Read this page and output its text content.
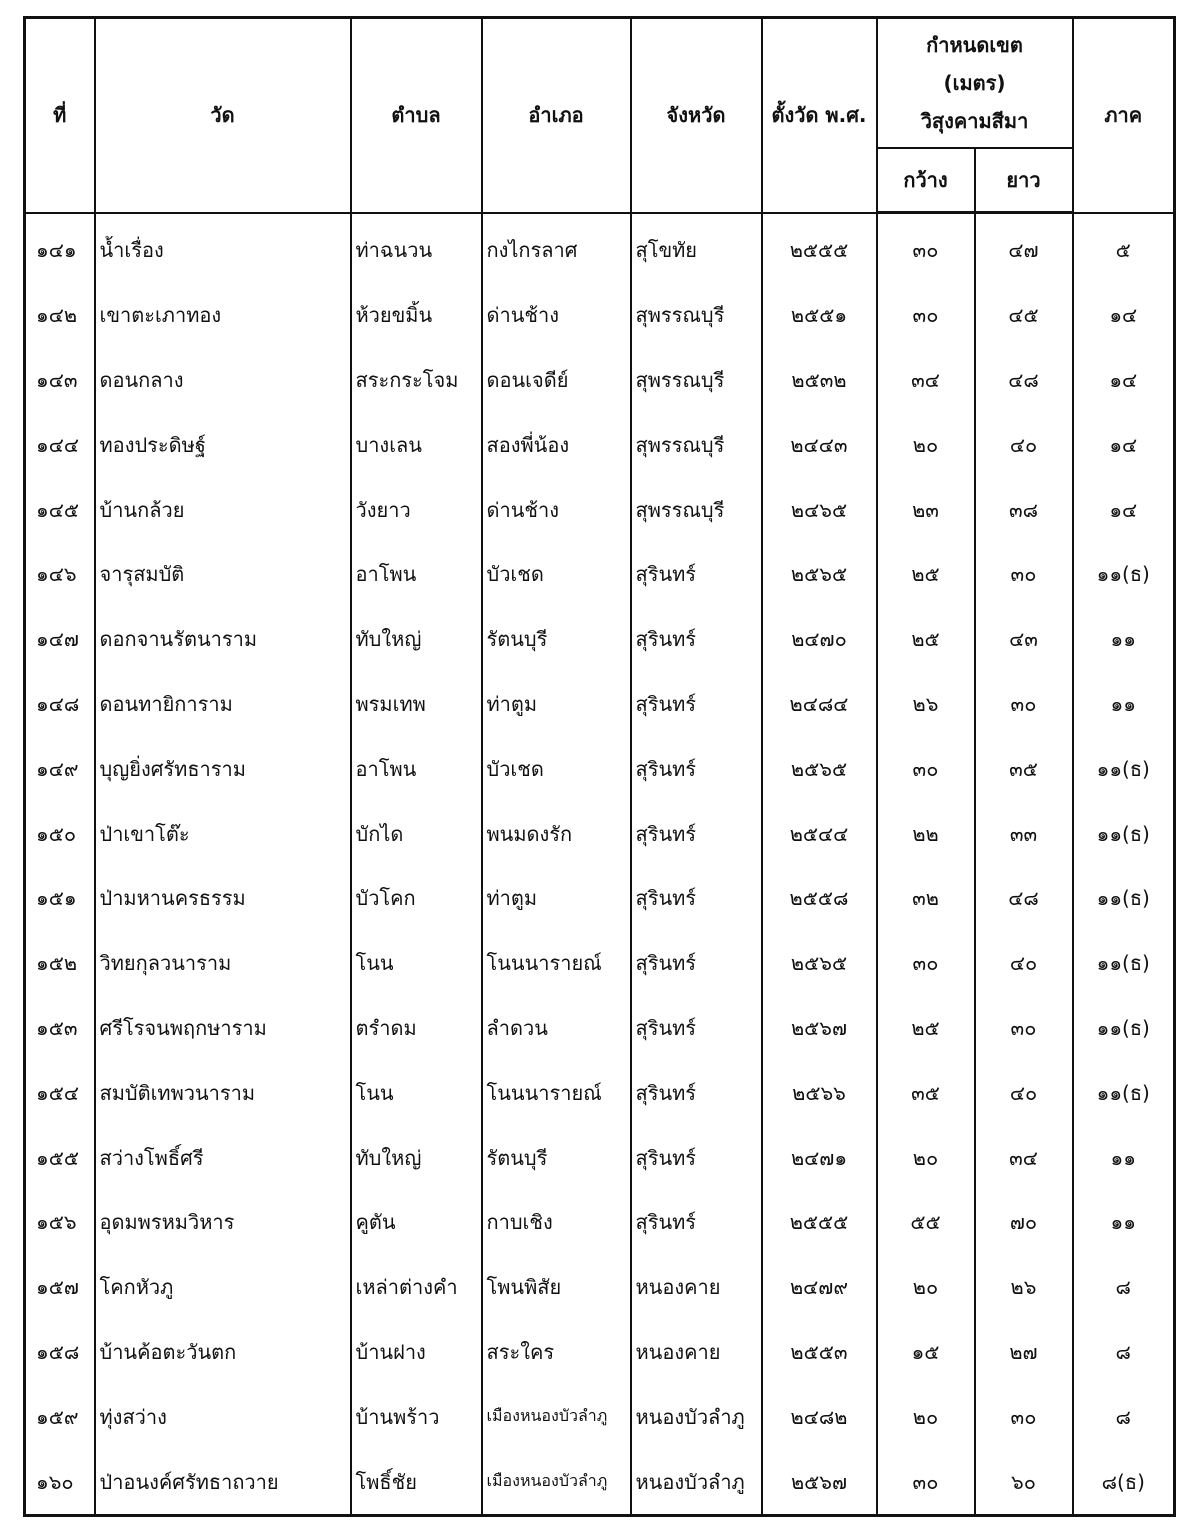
ที่	วัด	ตำบล	อำเภอ	จังหวัด	ตั้งวัด พ.ศ.	กำหนดเขต
(เมตร)
วิสุงคามสีมา		ภาค
						กว้าง	ยาว	
๑๔๑	น้ำเรื่อง	ท่าฉนวน	กงไกรลาศ	สุโขทัย	๒๕๕๕	๓๐	๔๗	๕
๑๔๒	เขาตะเภาทอง	ห้วยขมิ้น	ด่านช้าง	สุพรรณบุรี	๒๕๕๑	๓๐	๔๕	๑๔
๑๔๓	ดอนกลาง	สระกระโจม	ดอนเจดีย์	สุพรรณบุรี	๒๕๓๒	๓๔	๔๘	๑๔
๑๔๔	ทองประดิษฐ์	บางเลน	สองพี่น้อง	สุพรรณบุรี	๒๔๔๓	๒๐	๔๐	๑๔
๑๔๕	บ้านกล้วย	วังยาว	ด่านช้าง	สุพรรณบุรี	๒๔๖๕	๒๓	๓๘	๑๔
๑๔๖	จารุสมบัติ	อาโพน	บัวเชด	สุรินทร์	๒๕๖๕	๒๕	๓๐	๑๑(ธ)
๑๔๗	ดอกจานรัตนาราม	ทับใหญ่	รัตนบุรี	สุรินทร์	๒๔๗๐	๒๕	๔๓	๑๑
๑๔๘	ดอนทายิการาม	พรมเทพ	ท่าตูม	สุรินทร์	๒๔๘๔	๒๖	๓๐	๑๑
๑๔๙	บุญยิ่งศรัทธาราม	อาโพน	บัวเชด	สุรินทร์	๒๕๖๕	๓๐	๓๕	๑๑(ธ)
๑๕๐	ป่าเขาโต๊ะ	บักได	พนมดงรัก	สุรินทร์	๒๕๔๔	๒๒	๓๓	๑๑(ธ)
๑๕๑	ป่ามหานครธรรม	บัวโคก	ท่าตูม	สุรินทร์	๒๕๕๘	๓๒	๔๘	๑๑(ธ)
๑๕๒	วิทยกุลวนาราม	โนน	โนนนารายณ์	สุรินทร์	๒๕๖๕	๓๐	๔๐	๑๑(ธ)
๑๕๓	ศรีโรจนพฤกษาราม	ตรำดม	ลำดวน	สุรินทร์	๒๕๖๗	๒๕	๓๐	๑๑(ธ)
๑๕๔	สมบัติเทพวนาราม	โนน	โนนนารายณ์	สุรินทร์	๒๕๖๖	๓๕	๔๐	๑๑(ธ)
๑๕๕	สว่างโพธิ์ศรี	ทับใหญ่	รัตนบุรี	สุรินทร์	๒๔๗๑	๒๐	๓๔	๑๑
๑๕๖	อุดมพรหมวิหาร	คูตัน	กาบเชิง	สุรินทร์	๒๕๕๕	๕๕	๗๐	๑๑
๑๕๗	โคกหัวภู	เหล่าต่างคำ	โพนพิสัย	หนองคาย	๒๔๗๙	๒๐	๒๖	๘
๑๕๘	บ้านค้อตะวันตก	บ้านฝาง	สระใคร	หนองคาย	๒๕๕๓	๑๕	๒๗	๘
๑๕๙	ทุ่งสว่าง	บ้านพร้าว	เมืองหนองบัวลำภู	หนองบัวลำภู	๒๔๘๒	๒๐	๓๐	๘
๑๖๐	ป่าอนงค์ศรัทธาถวาย	โพธิ์ชัย	เมืองหนองบัวลำภู	หนองบัวลำภู	๒๕๖๗	๓๐	๖๐	๘(ธ)
